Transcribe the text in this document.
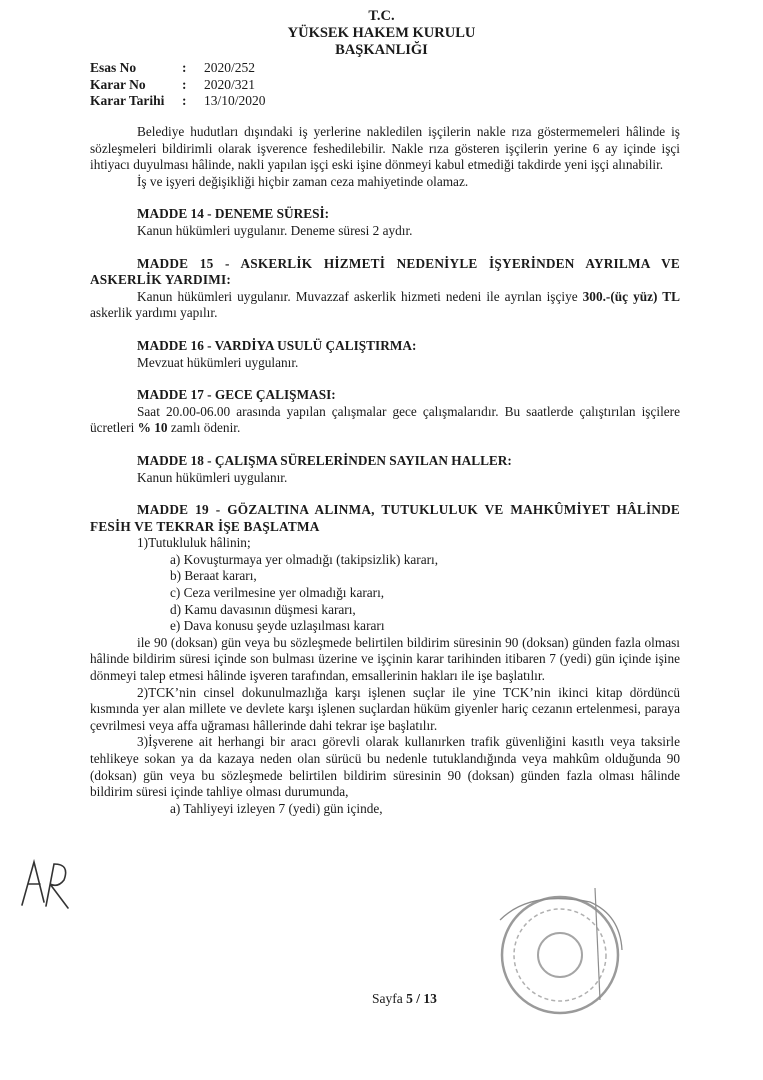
T.C.
YÜKSEK HAKEM KURULU
BAŞKANLIĞI
Esas No	:	2020/252
Karar No	:	2020/321
Karar Tarihi	:	13/10/2020

Belediye hudutları dışındaki iş yerlerine nakledilen işçilerin nakle rıza göstermemeleri hâlinde iş sözleşmeleri bildirimli olarak işverence feshedilebilir. Nakle rıza gösteren işçilerin yerine 6 ay içinde işçi ihtiyacı duyulması hâlinde, nakli yapılan işçi eski işine dönmeyi kabul etmediği takdirde yeni işçi alınabilir.

İş ve işyeri değişikliği hiçbir zaman ceza mahiyetinde olamaz.

MADDE 14 - DENEME SÜRESİ:

Kanun hükümleri uygulanır. Deneme süresi 2 aydır.

MADDE 15 - ASKERLİK HİZMETİ NEDENİYLE İŞYERİNDEN AYRILMA VE ASKERLİK YARDIMI:

Kanun hükümleri uygulanır. Muvazzaf askerlik hizmeti nedeni ile ayrılan işçiye 300.-(üç yüz) TL askerlik yardımı yapılır.

MADDE 16 - VARDİYA USULÜ ÇALIŞTIRMA:

Mevzuat hükümleri uygulanır.

MADDE 17 - GECE ÇALIŞMASI:

Saat 20.00-06.00 arasında yapılan çalışmalar gece çalışmalarıdır. Bu saatlerde çalıştırılan işçilere ücretleri % 10 zamlı ödenir.

MADDE 18 - ÇALIŞMA SÜRELERİNDEN SAYILAN HALLER:

Kanun hükümleri uygulanır.

MADDE 19 - GÖZALTINA ALINMA, TUTUKLULUK VE MAHKÛMİYET HÂLİNDE FESİH VE TEKRAR İŞE BAŞLATMA

1)Tutukluluk hâlinin;

a) Kovuşturmaya yer olmadığı (takipsizlik) kararı,

b) Beraat kararı,

c) Ceza verilmesine yer olmadığı kararı,

d) Kamu davasının düşmesi kararı,

e) Dava konusu şeyde uzlaşılması kararı

ile 90 (doksan) gün veya bu sözleşmede belirtilen bildirim süresinin 90 (doksan) günden fazla olması hâlinde bildirim süresi içinde son bulması üzerine ve işçinin karar tarihinden itibaren 7 (yedi) gün içinde işine dönmeyi talep etmesi hâlinde işveren tarafından, emsallerinin hakları ile işe başlatılır.

2)TCK’nin cinsel dokunulmazlığa karşı işlenen suçlar ile yine TCK’nin ikinci kitap dördüncü kısmında yer alan millete ve devlete karşı işlenen suçlardan hüküm giyenler hariç cezanın ertelenmesi, paraya çevrilmesi veya affa uğraması hâllerinde dahi tekrar işe başlatılır.

3)İşverene ait herhangi bir aracı görevli olarak kullanırken trafik güvenliğini kasıtlı veya taksirle tehlikeye sokan ya da kazaya neden olan sürücü bu nedenle tutuklandığında veya mahkûm olduğunda 90 (doksan) gün veya bu sözleşmede belirtilen bildirim süresinin 90 (doksan) günden fazla olması hâlinde bildirim süresi içinde tahliye olması durumunda,

a) Tahliyeyi izleyen 7 (yedi) gün içinde,

Sayfa 5 / 13
